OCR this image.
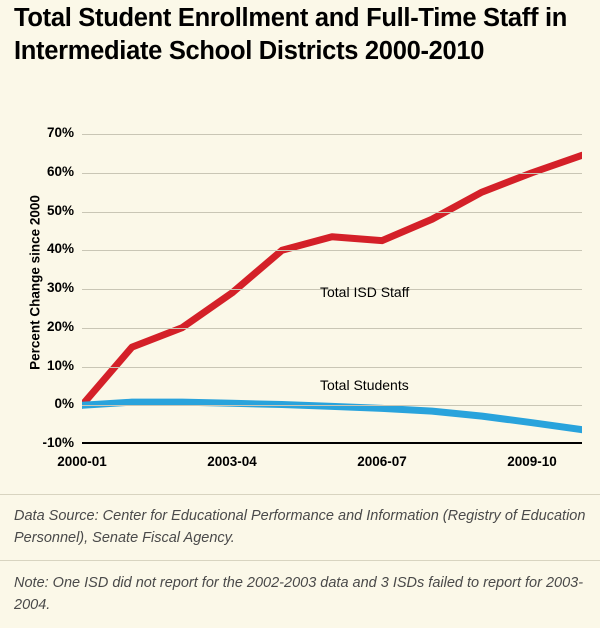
Total Student Enrollment and Full-Time Staff in Intermediate School Districts 2000-2010
Percent Change since 2000
70%
60%
50%
40%
30%
20%
10%
0%
-10%
Total ISD Staff
Total Students
2000-01	2003-04	2006-07	2009-10
Data Source: Center for Educational Performance and Information (Registry of Education Personnel), Senate Fiscal Agency.
Note: One ISD did not report for the 2002-2003 data and 3 ISDs failed to report for 2003-2004.
